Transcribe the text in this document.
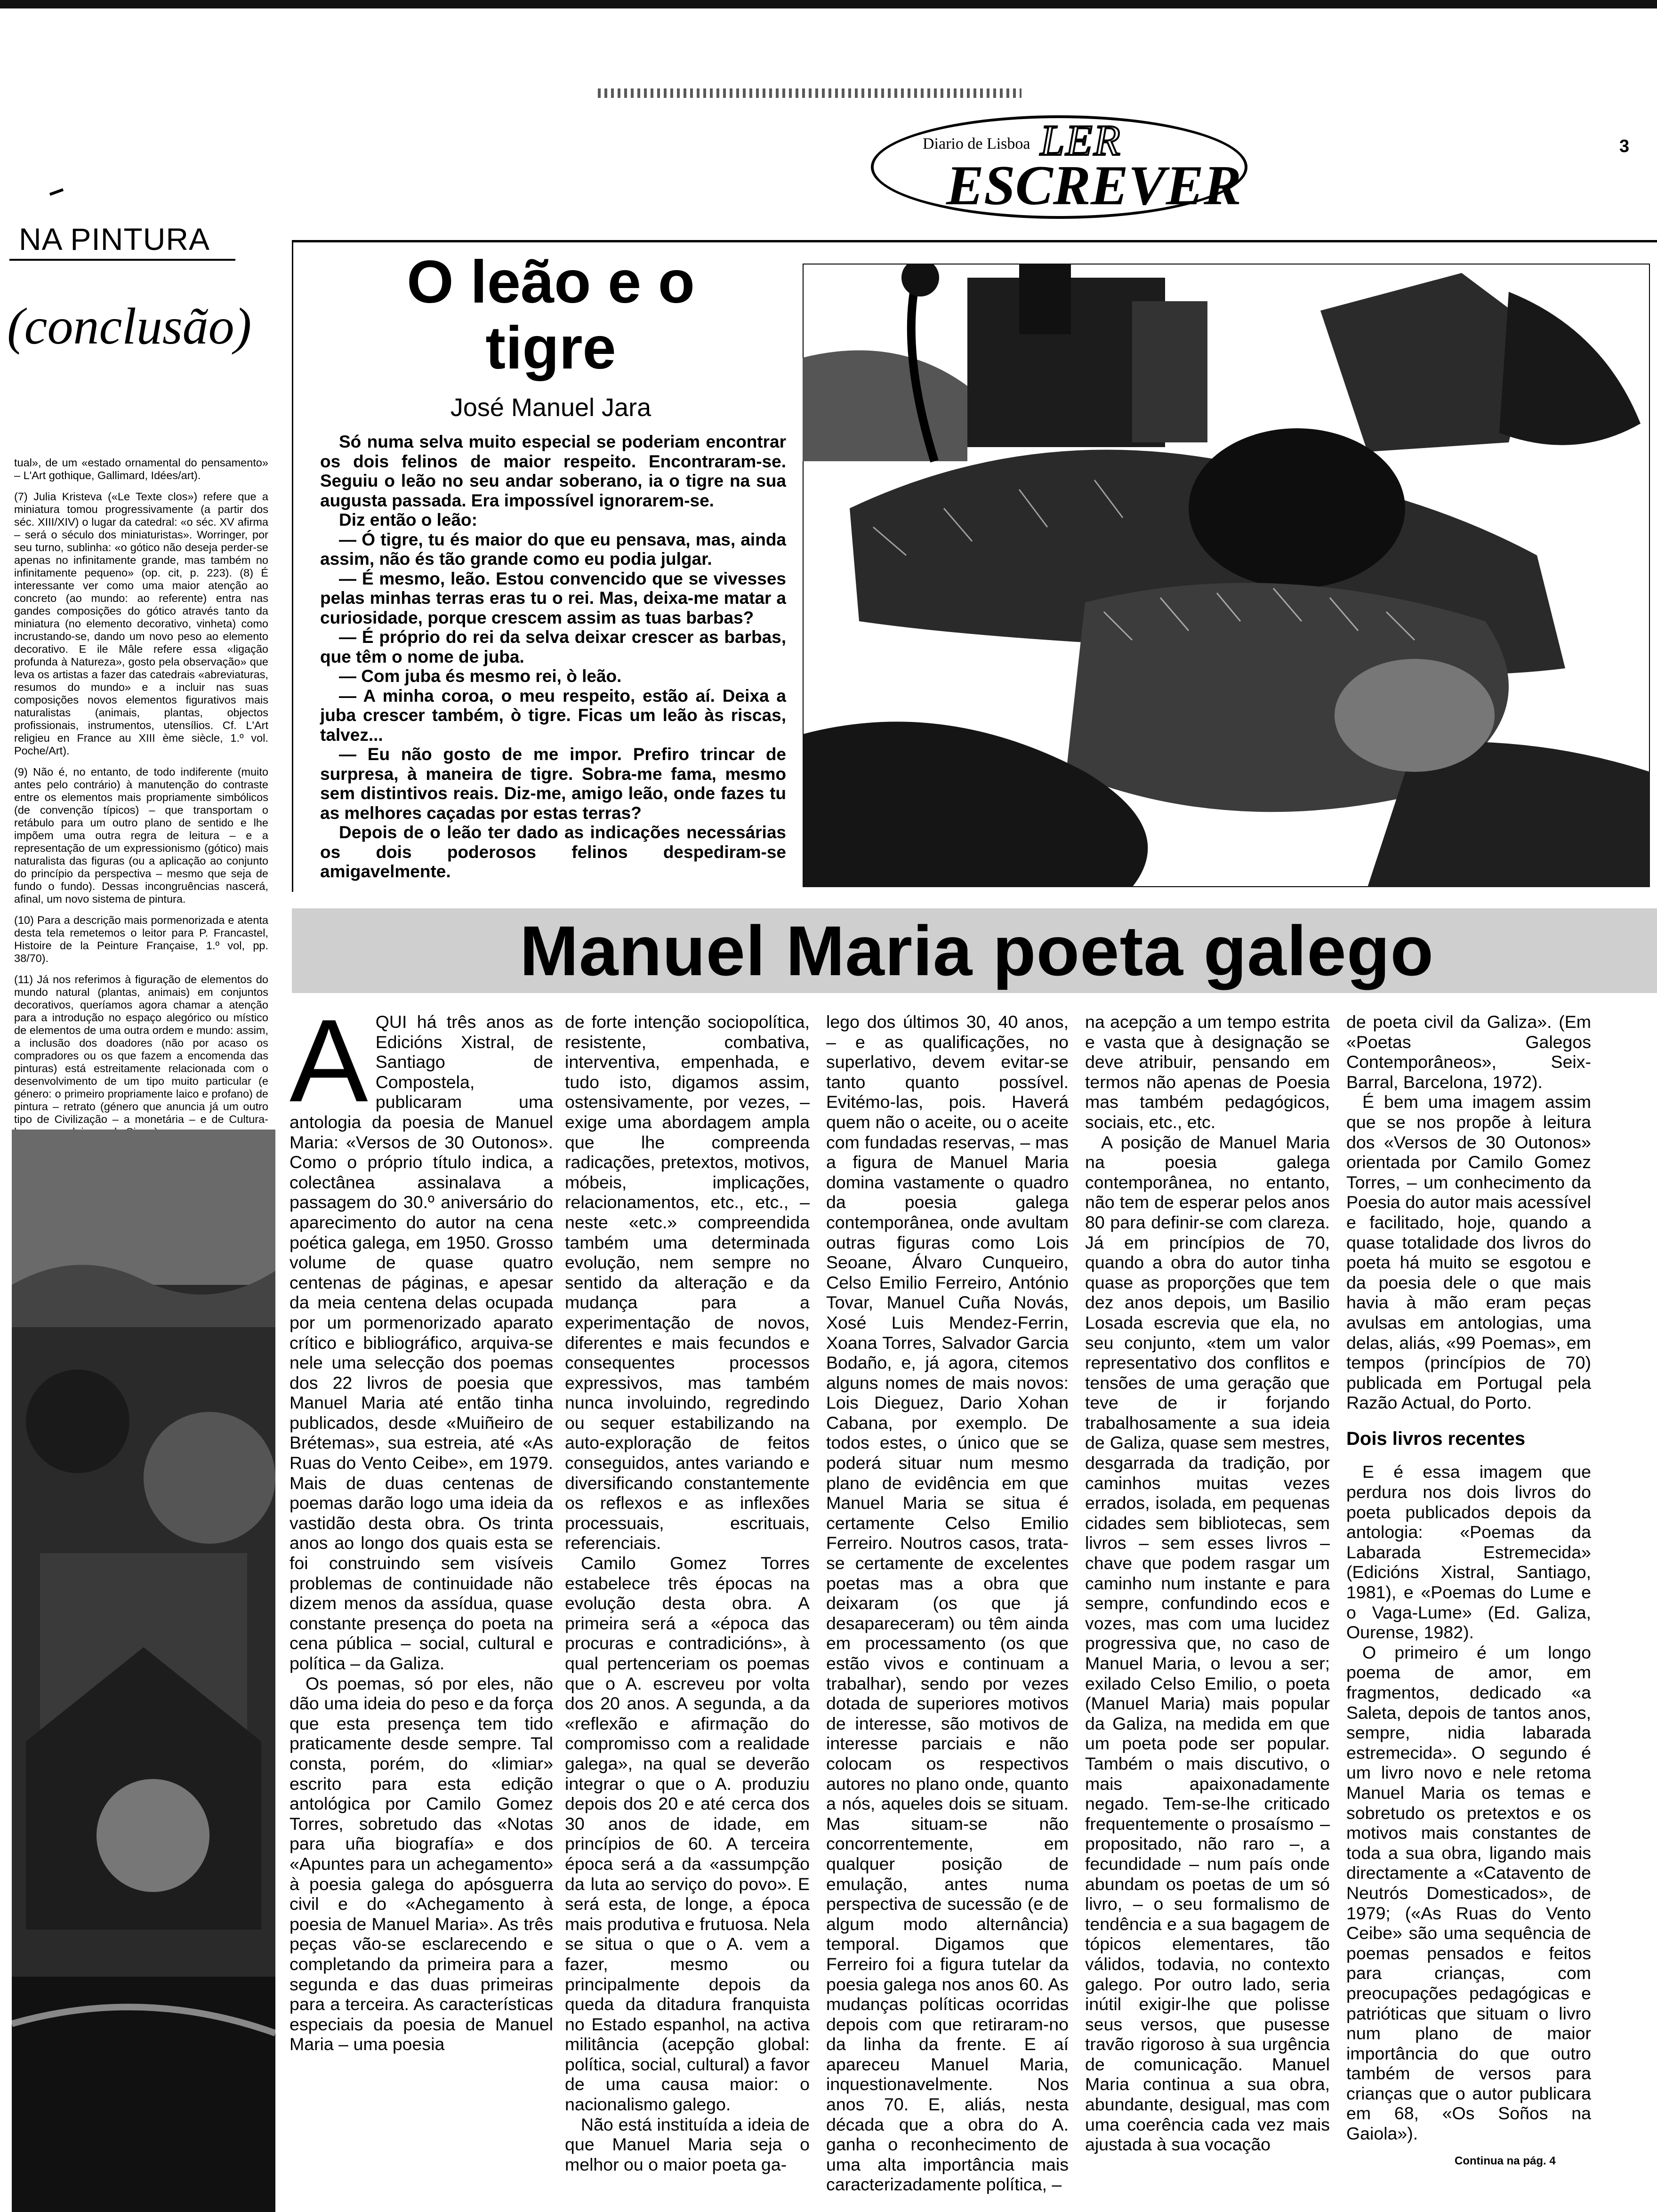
Diario de Lisboa LER
ESCREVER
3
NA PINTURA
(conclusão)

tual», de um «estado ornamental do pensamento» – L'Art gothique, Gallimard, Idées/art).

(7) Julia Kristeva («Le Texte clos») refere que a miniatura tomou progressivamente (a partir dos séc. XIII/XIV) o lugar da catedral: «o séc. XV afirma – será o século dos miniaturistas». Worringer, por seu turno, sublinha: «o gótico não deseja perder-se apenas no infinitamente grande, mas também no infinitamente pequeno» (op. cit, p. 223). (8) É interessante ver como uma maior atenção ao concreto (ao mundo: ao referente) entra nas gandes composições do gótico através tanto da miniatura (no elemento decorativo, vinheta) como incrustando-se, dando um novo peso ao elemento decorativo. E ile Mâle refere essa «ligação profunda à Natureza», gosto pela observação» que leva os artistas a fazer das catedrais «abreviaturas, resumos do mundo» e a incluir nas suas composições novos elementos figurativos mais naturalistas (animais, plantas, objectos profissionais, instrumentos, utensílios. Cf. L'Art religieu en France au XIII ème siècle, 1.º vol. Poche/Art).

(9) Não é, no entanto, de todo indiferente (muito antes pelo contrário) à manutenção do contraste entre os elementos mais propriamente simbólicos (de convenção típicos) – que transportam o retábulo para um outro plano de sentido e lhe impõem uma outra regra de leitura – e a representação de um expressionismo (gótico) mais naturalista das figuras (ou a aplicação ao conjunto do princípio da perspectiva – mesmo que seja de fundo o fundo). Dessas incongruências nascerá, afinal, um novo sistema de pintura.

(10) Para a descrição mais pormenorizada e atenta desta tela remetemos o leitor para P. Francastel, Histoire de la Peinture Française, 1.º vol, pp. 38/70).

(11) Já nos referimos à figuração de elementos do mundo natural (plantas, animais) em conjuntos decorativos, queríamos agora chamar a atenção para a introdução no espaço alegórico ou místico de elementos de uma outra ordem e mundo: assim, a inclusão dos doadores (não por acaso os compradores ou os que fazem a encomenda das pinturas) está estreitamente relacionada com o desenvolvimento de um tipo muito particular (e género: o primeiro propriamente laico e profano) de pintura – retrato (género que anuncia já um outro tipo de Civilização – a monetária – e de Cultura-

O leão e o tigre
José Manuel Jara

Só numa selva muito especial se poderiam encontrar os dois felinos de maior respeito. Encontraram-se. Seguiu o leão no seu andar soberano, ia o tigre na sua augusta passada. Era impossível ignorarem-se.

Diz então o leão:

— Ó tigre, tu és maior do que eu pensava, mas, ainda assim, não és tão grande como eu podia julgar.

— É mesmo, leão. Estou convencido que se vivesses pelas minhas terras eras tu o rei. Mas, deixa-me matar a curiosidade, porque crescem assim as tuas barbas?

— É próprio do rei da selva deixar crescer as barbas, que têm o nome de juba.

— Com juba és mesmo rei, ò leão.

— A minha coroa, o meu respeito, estão aí. Deixa a juba crescer também, ò tigre. Ficas um leão às riscas, talvez...

— Eu não gosto de me impor. Prefiro trincar de surpresa, à maneira de tigre. Sobra-me fama, mesmo sem distintivos reais. Diz-me, amigo leão, onde fazes tu as melhores caçadas por estas terras?

Depois de o leão ter dado as indicações necessárias os dois poderosos felinos despediram-se amigavelmente.

Manuel Maria poeta galego
A QUI há três anos as Edicións Xistral, de Santiago de Compostela, publicaram uma antologia da poesia de Manuel Maria: «Versos de 30 Outonos». Como o próprio título indica, a colectânea assinalava a passagem do 30.º aniversário do aparecimento do autor na cena poética galega, em 1950. Grosso volume de quase quatro centenas de páginas, e apesar da meia centena delas ocupada por um pormenorizado aparato crítico e bibliográfico, arquiva-se nele uma selecção dos poemas dos 22 livros de poesia que Manuel Maria até então tinha publicados, desde «Muiñeiro de Brétemas», sua estreia, até «As Ruas do Vento Ceibe», em 1979. Mais de duas centenas de poemas darão logo uma ideia da vastidão desta obra. Os trinta anos ao longo dos quais esta se foi construindo sem visíveis problemas de continuidade não dizem menos da assídua, quase constante presença do poeta na cena pública – social, cultural e política – da Galiza.

Os poemas, só por eles, não dão uma ideia do peso e da força que esta presença tem tido praticamente desde sempre. Tal consta, porém, do «limiar» escrito para esta edição antológica por Camilo Gomez Torres, sobretudo das «Notas para uña biografía» e dos «Apuntes para un achegamento» à poesia galega do apósguerra civil e do «Achegamento à poesia de Manuel Maria». As três peças vão-se esclarecendo e completando da primeira para a segunda e das duas primeiras para a terceira. As características especiais da poesia de Manuel Maria – uma poesia

de forte intenção sociopolítica, resistente, combativa, interventiva, empenhada, e tudo isto, digamos assim, ostensivamente, por vezes, – exige uma abordagem ampla que lhe compreenda radicações, pretextos, motivos, móbeis, implicações, relacionamentos, etc., etc., – neste «etc.» compreendida também uma determinada evolução, nem sempre no sentido da alteração e da mudança para a experimentação de novos, diferentes e mais fecundos e consequentes processos expressivos, mas também nunca involuindo, regredindo ou sequer estabilizando na auto-exploração de feitos conseguidos, antes variando e diversificando constantemente os reflexos e as inflexões processuais, escrituais, referenciais.

Camilo Gomez Torres estabelece três épocas na evolução desta obra. A primeira será a «época das procuras e contradicións», à qual pertenceriam os poemas que o A. escreveu por volta dos 20 anos. A segunda, a da «reflexão e afirmação do compromisso com a realidade galega», na qual se deverão integrar o que o A. produziu depois dos 20 e até cerca dos 30 anos de idade, em princípios de 60. A terceira época será a da «assumpção da luta ao serviço do povo». E será esta, de longe, a época mais produtiva e frutuosa. Nela se situa o que o A. vem a fazer, mesmo ou principalmente depois da queda da ditadura franquista no Estado espanhol, na activa militância (acepção global: política, social, cultural) a favor de uma causa maior: o nacionalismo galego.

Não está instituída a ideia de que Manuel Maria seja o melhor ou o maior poeta ga-

lego dos últimos 30, 40 anos, – e as qualificações, no superlativo, devem evitar-se tanto quanto possível. Evitémo-las, pois. Haverá quem não o aceite, ou o aceite com fundadas reservas, – mas a figura de Manuel Maria domina vastamente o quadro da poesia galega contemporânea, onde avultam outras figuras como Lois Seoane, Álvaro Cunqueiro, Celso Emilio Ferreiro, António Tovar, Manuel Cuña Novás, Xosé Luis Mendez-Ferrin, Xoana Torres, Salvador Garcia Bodaño, e, já agora, citemos alguns nomes de mais novos: Lois Dieguez, Dario Xohan Cabana, por exemplo. De todos estes, o único que se poderá situar num mesmo plano de evidência em que Manuel Maria se situa é certamente Celso Emilio Ferreiro. Noutros casos, trata-se certamente de excelentes poetas mas a obra que deixaram (os que já desapareceram) ou têm ainda em processamento (os que estão vivos e continuam a trabalhar), sendo por vezes dotada de superiores motivos de interesse, são motivos de interesse parciais e não colocam os respectivos autores no plano onde, quanto a nós, aqueles dois se situam. Mas situam-se não concorrentemente, em qualquer posição de emulação, antes numa perspectiva de sucessão (e de algum modo alternância) temporal. Digamos que Ferreiro foi a figura tutelar da poesia galega nos anos 60. As mudanças políticas ocorridas depois com que retiraram-no da linha da frente. E aí apareceu Manuel Maria, inquestionavelmente. Nos anos 70. E, aliás, nesta década que a obra do A. ganha o reconhecimento de uma alta importância mais caracterizadamente política, –

na acepção a um tempo estrita e vasta que à designação se deve atribuir, pensando em termos não apenas de Poesia mas também pedagógicos, sociais, etc., etc.

A posição de Manuel Maria na poesia galega contemporânea, no entanto, não tem de esperar pelos anos 80 para definir-se com clareza. Já em princípios de 70, quando a obra do autor tinha quase as proporções que tem dez anos depois, um Basilio Losada escrevia que ela, no seu conjunto, «tem um valor representativo dos conflitos e tensões de uma geração que teve de ir forjando trabalhosamente a sua ideia de Galiza, quase sem mestres, desgarrada da tradição, por caminhos muitas vezes errados, isolada, em pequenas cidades sem bibliotecas, sem livros – sem esses livros – chave que podem rasgar um caminho num instante e para sempre, confundindo ecos e vozes, mas com uma lucidez progressiva que, no caso de Manuel Maria, o levou a ser; exilado Celso Emilio, o poeta (Manuel Maria) mais popular da Galiza, na medida em que um poeta pode ser popular. Também o mais discutivo, o mais apaixonadamente negado. Tem-se-lhe criticado frequentemente o prosaísmo – propositado, não raro –, a fecundidade – num país onde abundam os poetas de um só livro, – o seu formalismo de tendência e a sua bagagem de tópicos elementares, tão válidos, todavia, no contexto galego. Por outro lado, seria inútil exigir-lhe que polisse seus versos, que pusesse travão rigoroso à sua urgência de comunicação. Manuel Maria continua a sua obra, abundante, desigual, mas com uma coerência cada vez mais ajustada à sua vocação

de poeta civil da Galiza». (Em «Poetas Galegos Contemporâneos», Seix-Barral, Barcelona, 1972).

É bem uma imagem assim que se nos propõe à leitura dos «Versos de 30 Outonos» orientada por Camilo Gomez Torres, – um conhecimento da Poesia do autor mais acessível e facilitado, hoje, quando a quase totalidade dos livros do poeta há muito se esgotou e da poesia dele o que mais havia à mão eram peças avulsas em antologias, uma delas, aliás, «99 Poemas», em tempos (princípios de 70) publicada em Portugal pela Razão Actual, do Porto.

Dois livros recentes

E é essa imagem que perdura nos dois livros do poeta publicados depois da antologia: «Poemas da Labarada Estremecida» (Edicións Xistral, Santiago, 1981), e «Poemas do Lume e o Vaga-Lume» (Ed. Galiza, Ourense, 1982).

O primeiro é um longo poema de amor, em fragmentos, dedicado «a Saleta, depois de tantos anos, sempre, nidia labarada estremecida». O segundo é um livro novo e nele retoma Manuel Maria os temas e sobretudo os pretextos e os motivos mais constantes de toda a sua obra, ligando mais directamente a «Catavento de Neutrós Domesticados», de 1979; («As Ruas do Vento Ceibe» são uma sequência de poemas pensados e feitos para crianças, com preocupações pedagógicas e patrióticas que situam o livro num plano de maior importância do que outro também de versos para crianças que o autor publicara em 68, «Os Soños na Gaiola»).

Continua na pág. 4
